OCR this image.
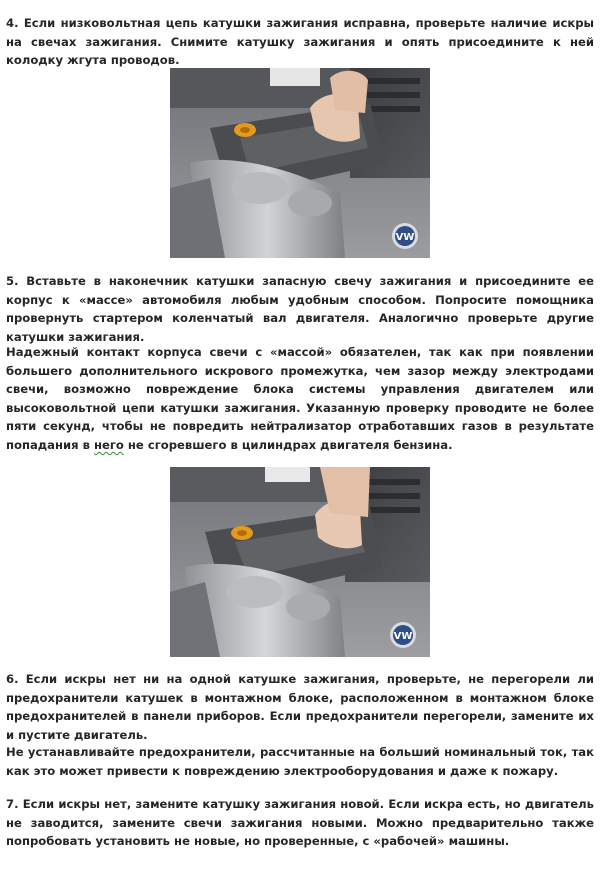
4. Если низковольтная цепь катушки зажигания исправна, проверьте наличие искры на свечах зажигания. Снимите катушку зажигания и опять присоедините к ней колодку жгута проводов.

VW

5. Вставьте в наконечник катушки запасную свечу зажигания и присоедините ее корпус к «массе» автомобиля любым удобным способом. Попросите помощника провернуть стартером коленчатый вал двигателя. Аналогично проверьте другие катушки зажигания.

Надежный контакт корпуса свечи с «массой» обязателен, так как при появлении большего дополнительного искрового промежутка, чем зазор между электродами свечи, возможно повреждение блока системы управления двигателем или высоковольтной цепи катушки зажигания. Указанную проверку проводите не более пяти секунд, чтобы не повредить нейтрализатор отработавших газов в результате попадания в него не сгоревшего в цилиндрах двигателя бензина.

VW

6. Если искры нет ни на одной катушке зажигания, проверьте, не перегорели ли предохранители катушек в монтажном блоке, расположенном в монтажном блоке предохранителей в панели приборов. Если предохранители перегорели, замените их и пустите двигатель.

Не устанавливайте предохранители, рассчитанные на больший номинальный ток, так как это может привести к повреждению электрооборудования и даже к пожару.

7. Если искры нет, замените катушку зажигания новой. Если искра есть, но двигатель не заводится, замените свечи зажигания новыми. Можно предварительно также попробовать установить не новые, но проверенные, с «рабочей» машины.
